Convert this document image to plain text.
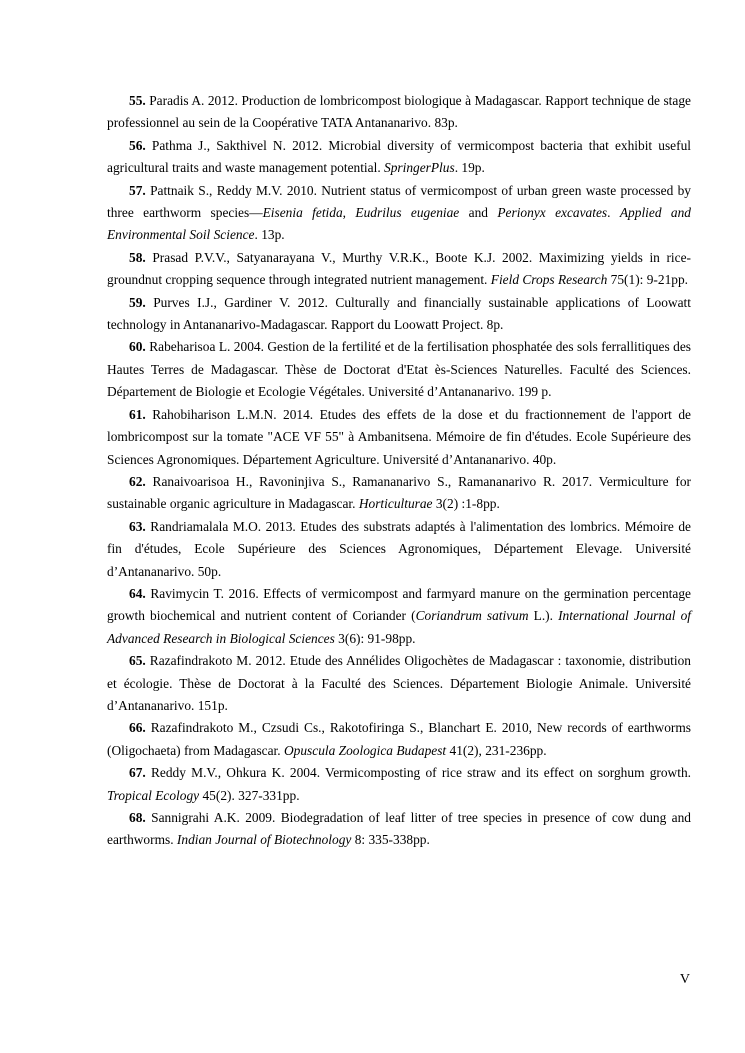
55. Paradis A. 2012. Production de lombricompost biologique à Madagascar. Rapport technique de stage professionnel au sein de la Coopérative TATA Antananarivo. 83p.

56. Pathma J., Sakthivel N. 2012. Microbial diversity of vermicompost bacteria that exhibit useful agricultural traits and waste management potential. SpringerPlus. 19p.

57. Pattnaik S., Reddy M.V. 2010. Nutrient status of vermicompost of urban green waste processed by three earthworm species—Eisenia fetida, Eudrilus eugeniae and Perionyx excavates. Applied and Environmental Soil Science. 13p.

58. Prasad P.V.V., Satyanarayana V., Murthy V.R.K., Boote K.J. 2002. Maximizing yields in rice-groundnut cropping sequence through integrated nutrient management. Field Crops Research 75(1): 9-21pp.

59. Purves I.J., Gardiner V. 2012. Culturally and financially sustainable applications of Loowatt technology in Antananarivo-Madagascar. Rapport du Loowatt Project. 8p.

60. Rabeharisoa L. 2004. Gestion de la fertilité et de la fertilisation phosphatée des sols ferrallitiques des Hautes Terres de Madagascar. Thèse de Doctorat d'Etat ès-Sciences Naturelles. Faculté des Sciences. Département de Biologie et Ecologie Végétales. Université d’Antananarivo. 199 p.

61. Rahobiharison L.M.N. 2014. Etudes des effets de la dose et du fractionnement de l'apport de lombricompost sur la tomate "ACE VF 55" à Ambanitsena. Mémoire de fin d'études. Ecole Supérieure des Sciences Agronomiques. Département Agriculture. Université d’Antananarivo. 40p.

62. Ranaivoarisoa H., Ravoninjiva S., Ramananarivo S., Ramananarivo R. 2017. Vermiculture for sustainable organic agriculture in Madagascar. Horticulturae 3(2) :1-8pp.

63. Randriamalala M.O. 2013. Etudes des substrats adaptés à l'alimentation des lombrics. Mémoire de fin d'études, Ecole Supérieure des Sciences Agronomiques, Département Elevage. Université d’Antananarivo. 50p.

64. Ravimycin T. 2016. Effects of vermicompost and farmyard manure on the germination percentage growth biochemical and nutrient content of Coriander (Coriandrum sativum L.). International Journal of Advanced Research in Biological Sciences 3(6): 91-98pp.

65. Razafindrakoto M. 2012. Etude des Annélides Oligochètes de Madagascar : taxonomie, distribution et écologie. Thèse de Doctorat à la Faculté des Sciences. Département Biologie Animale. Université d’Antananarivo. 151p.

66. Razafindrakoto M., Czsudi Cs., Rakotofiringa S., Blanchart E. 2010, New records of earthworms (Oligochaeta) from Madagascar. Opuscula Zoologica Budapest 41(2), 231-236pp.

67. Reddy M.V., Ohkura K. 2004. Vermicomposting of rice straw and its effect on sorghum growth. Tropical Ecology 45(2). 327-331pp.

68. Sannigrahi A.K. 2009. Biodegradation of leaf litter of tree species in presence of cow dung and earthworms. Indian Journal of Biotechnology 8: 335-338pp.

V
